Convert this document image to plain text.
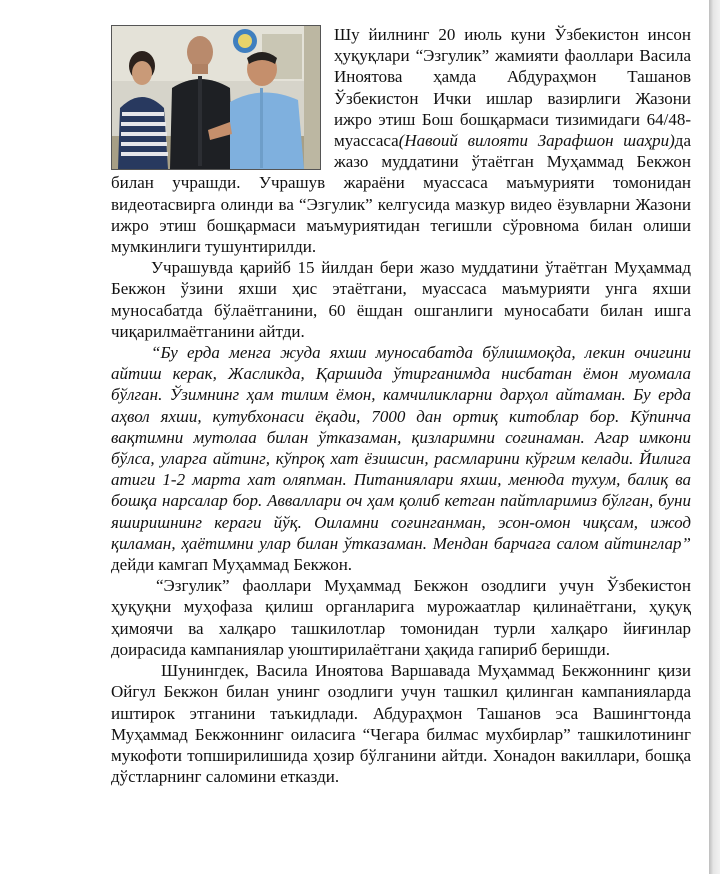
Шу йилнинг 20 июль куни Ўзбекистон инсон ҳуқуқлари “Эзгулик” жамияти фаоллари Васила Иноятова ҳамда Абдураҳмон Ташанов Ўзбекистон Ички ишлар вазирлиги Жазони ижро этиш Бош бошқармаси тизимидаги 64/48-муассаса(Навоий вилояти Зарафшон шаҳри)да жазо муддатини ўтаётган Муҳаммад Бекжон билан учрашди. Учрашув жараёни муассаса маъмурияти томонидан видеотасвирга олинди ва “Эзгулик” келгусида мазкур видео ёзувларни Жазони ижро этиш бошқармаси маъмуриятидан тегишли сўровнома билан олиши мумкинлиги тушунтирилди.

Учрашувда қарийб 15 йилдан бери жазо муддатини ўтаётган Муҳаммад Бекжон ўзини яхши ҳис этаётгани, муассаса маъмурияти унга яхши муносабатда бўлаётганини, 60 ёшдан ошганлиги муносабати билан ишга чиқарилмаётганини айтди.

“Бу ерда менга жуда яхши муносабатда бўлишмоқда, лекин очигини айтиш керак, Жасликда, Қаршида ўтирганимда нисбатан ёмон муомала бўлган. Ўзимнинг ҳам тилим ёмон, камчиликларни дарҳол айтаман. Бу ерда аҳвол яхши, кутубхонаси ёқади, 7000 дан ортиқ китоблар бор. Кўпинча вақтимни мутолаа билан ўтказаман, қизларимни соғинаман. Агар имкони бўлса, уларга айтинг, кўпроқ хат ёзишсин, расмларини кўргим келади. Йилига атиги 1-2 марта хат оляпман. Питаниялари яхши, менюда тухум, балиқ ва бошқа нарсалар бор. Авваллари оч ҳам қолиб кетган пайтларимиз бўлган, буни яширишнинг кераги йўқ. Оиламни соғинганман, эсон-омон чиқсам, ижод қиламан, ҳаётимни улар билан ўтказаман. Мендан барчага салом айтинглар” дейди камгап Муҳаммад Бекжон.

“Эзгулик” фаоллари Муҳаммад Бекжон озодлиги учун Ўзбекистон ҳуқуқни муҳофаза қилиш органларига мурожаатлар қилинаётгани, ҳуқуқ ҳимоячи ва халқаро ташкилотлар томонидан турли халқаро йиғинлар доирасида кампаниялар уюштирилаётгани ҳақида гапириб беришди.

Шунингдек, Васила Иноятова Варшавада Муҳаммад Бекжоннинг қизи Ойгул Бекжон билан унинг озодлиги учун ташкил қилинган кампанияларда иштирок этганини таъкидлади. Абдураҳмон Ташанов эса Вашингтонда Муҳаммад Бекжоннинг оиласига “Чегара билмас мухбирлар” ташкилотининг мукофоти топширилишида ҳозир бўлганини айтди. Хонадон вакиллари, бошқа дўстларнинг саломини етказди.
